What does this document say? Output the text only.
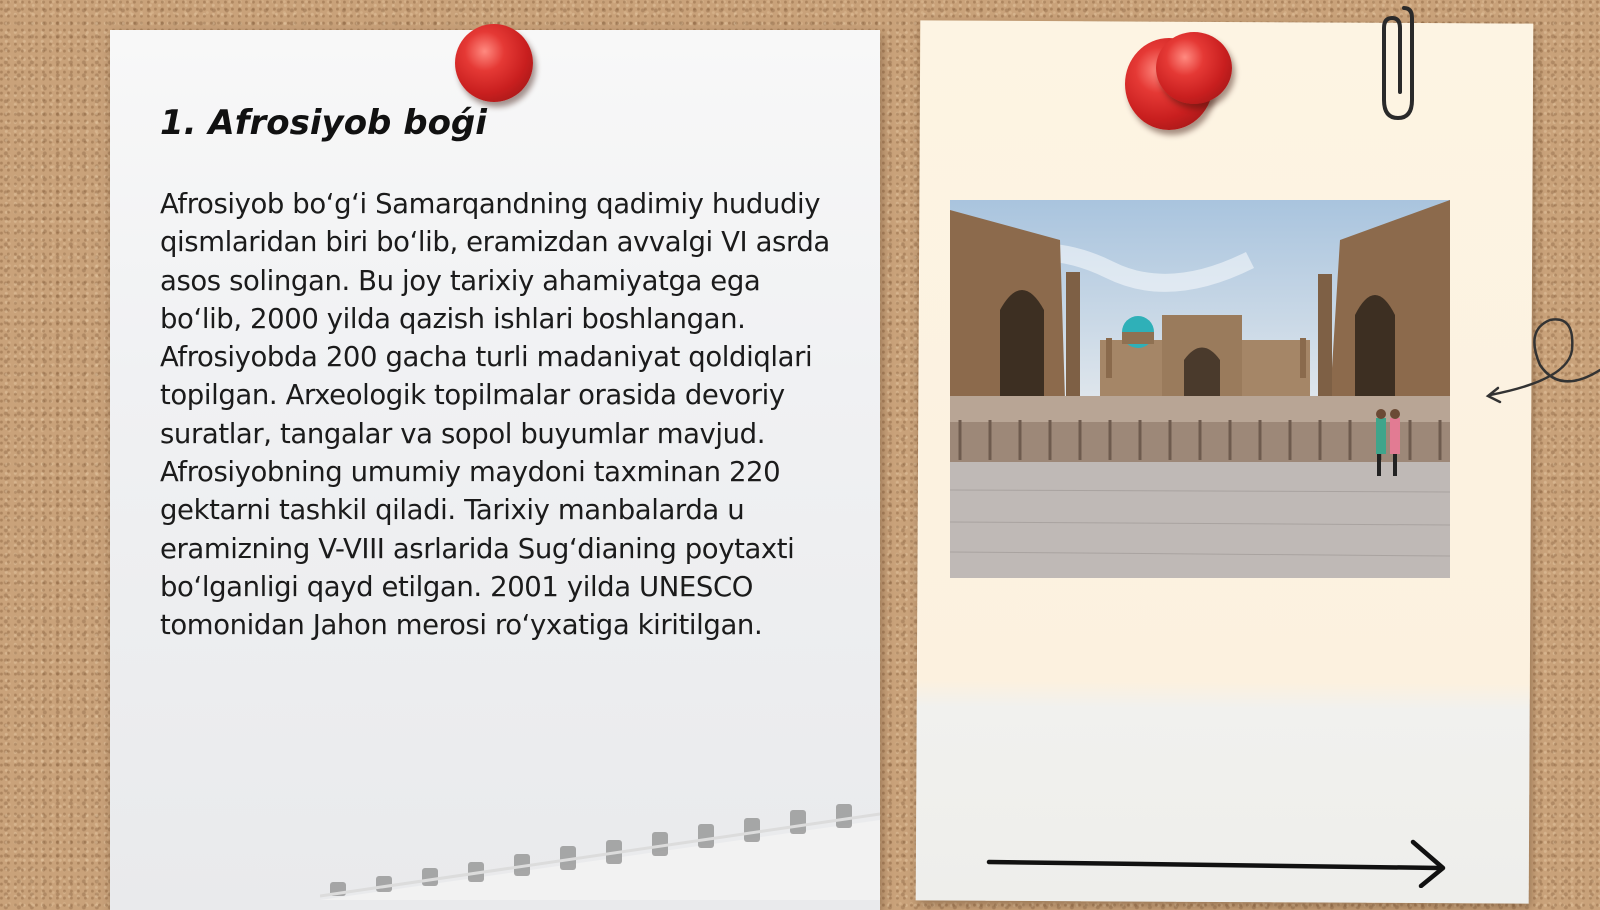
1. Afrosiyob boǵi

Afrosiyob bo‘g‘i Samarqandning qadimiy hududiy qismlaridan biri bo‘lib, eramizdan avvalgi VI asrda asos solingan. Bu joy tarixiy ahamiyatga ega bo‘lib, 2000 yilda qazish ishlari boshlangan. Afrosiyobda 200 gacha turli madaniyat qoldiqlari topilgan. Arxeologik topilmalar orasida devoriy suratlar, tangalar va sopol buyumlar mavjud. Afrosiyobning umumiy maydoni taxminan 220 gektarni tashkil qiladi. Tarixiy manbalarda u eramizning V-VIII asrlarida Sug‘dianing poytaxti bo‘lganligi qayd etilgan. 2001 yilda UNESCO tomonidan Jahon merosi ro‘yxatiga kiritilgan.
